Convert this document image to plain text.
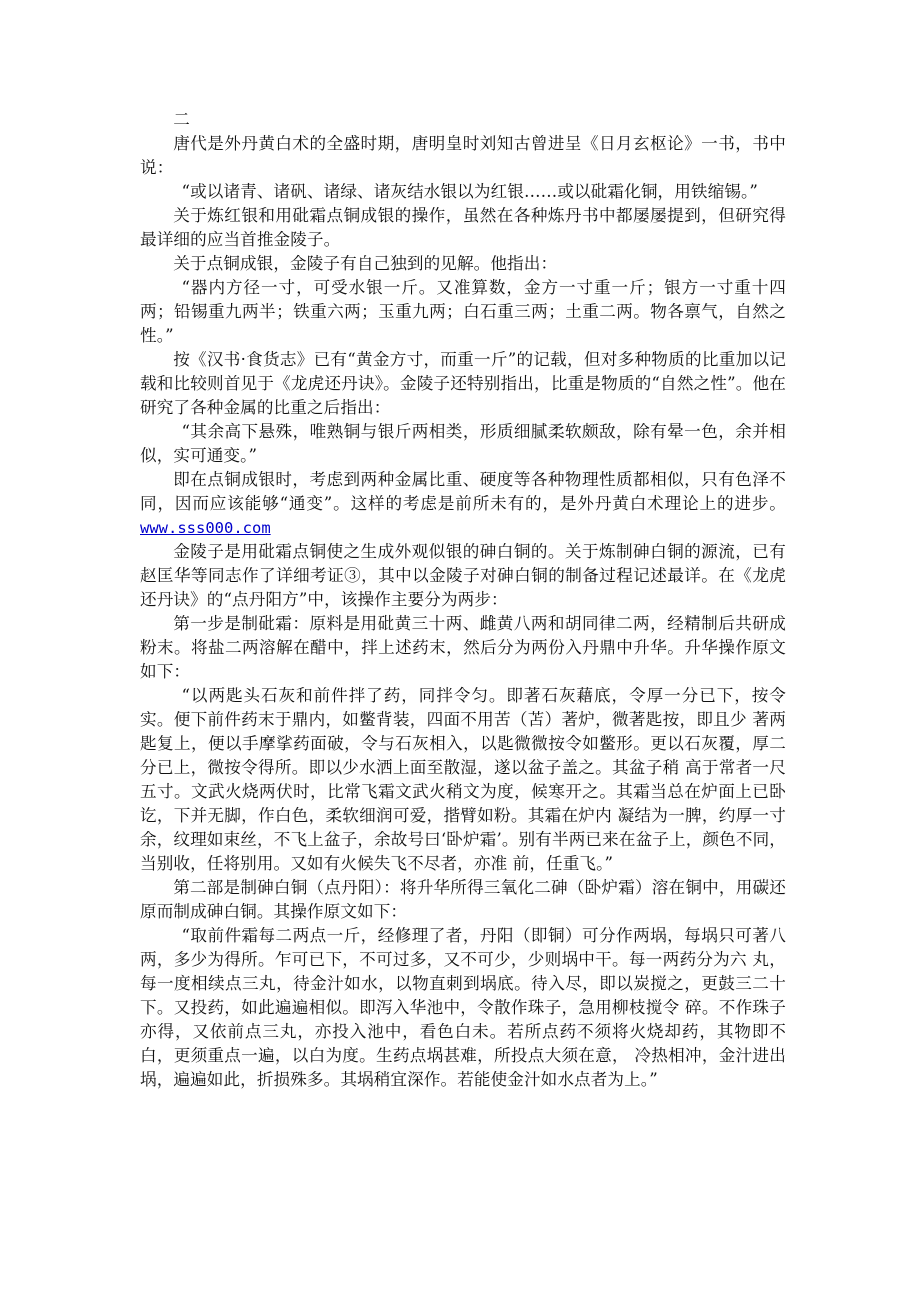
二

唐代是外丹黄白术的全盛时期，唐明皇时刘知古曾进呈《日月玄枢论》一书，书中说：

“或以诸青、诸矾、诸绿、诸灰结水银以为红银……或以砒霜化铜，用铁缩锡。”

关于炼红银和用砒霜点铜成银的操作，虽然在各种炼丹书中都屡屡提到，但研究得最详细的应当首推金陵子。

关于点铜成银，金陵子有自己独到的见解。他指出：

“器内方径一寸，可受水银一斤。又准算数，金方一寸重一斤；银方一寸重十四两；铅锡重九两半；铁重六两；玉重九两；白石重三两；土重二两。物各禀气，自然之性。”

按《汉书·食货志》已有“黄金方寸，而重一斤”的记载，但对多种物质的比重加以记载和比较则首见于《龙虎还丹诀》。金陵子还特别指出，比重是物质的“自然之性”。他在研究了各种金属的比重之后指出：

“其余高下悬殊，唯熟铜与银斤两相类，形质细腻柔软颇敌，除有晕一色，余并相似，实可通变。”

即在点铜成银时，考虑到两种金属比重、硬度等各种物理性质都相似，只有色泽不同，因而应该能够“通变”。这样的考虑是前所未有的，是外丹黄白术理论上的进步。www.sss000.com

金陵子是用砒霜点铜使之生成外观似银的砷白铜的。关于炼制砷白铜的源流，已有赵匡华等同志作了详细考证③，其中以金陵子对砷白铜的制备过程记述最详。在《龙虎还丹诀》的“点丹阳方”中，该操作主要分为两步：

第一步是制砒霜：原料是用砒黄三十两、雌黄八两和胡同律二两，经精制后共研成粉末。将盐二两溶解在醋中，拌上述药末，然后分为两份入丹鼎中升华。升华操作原文如下：

“以两匙头石灰和前件拌了药，同拌令匀。即著石灰藉底，令厚一分已下，按令实。便下前件药末于鼎内，如鳖背装，四面不用苦（苫）著炉，微著匙按，即且少 著两匙复上，便以手摩挲药面破，令与石灰相入，以匙微微按令如鳖形。更以石灰覆，厚二分已上，微按令得所。即以少水洒上面至散湿，遂以盆子盖之。其盆子稍 高于常者一尺五寸。文武火烧两伏时，比常飞霜文武火稍文为度，候寒开之。其霜当总在炉面上已卧讫，下并无脚，作白色，柔软细润可爱，揩臂如粉。其霜在炉内 凝结为一脾，约厚一寸余，纹理如束丝，不飞上盆子，余故号曰‘卧炉霜’。别有半两已来在盆子上，颜色不同，当别收，任将别用。又如有火候失飞不尽者，亦准 前，任重飞。”

第二部是制砷白铜（点丹阳）：将升华所得三氧化二砷（卧炉霜）溶在铜中，用碳还原而制成砷白铜。其操作原文如下：

“取前件霜每二两点一斤，经修理了者，丹阳（即铜）可分作两埚，每埚只可著八两，多少为得所。乍可已下，不可过多，又不可少，少则埚中干。每一两药分为六 丸，每一度相续点三丸，待金汁如水，以物直刺到埚底。待入尽，即以炭搅之，更鼓三二十下。又投药，如此遍遍相似。即泻入华池中，令散作珠子，急用柳枝搅令 碎。不作珠子亦得，又依前点三丸，亦投入池中，看色白未。若所点药不须将火烧却药，其物即不白，更须重点一遍，以白为度。生药点埚甚难，所投点大须在意， 冷热相冲，金汁进出埚，遍遍如此，折损殊多。其埚稍宜深作。若能使金汁如水点者为上。”
